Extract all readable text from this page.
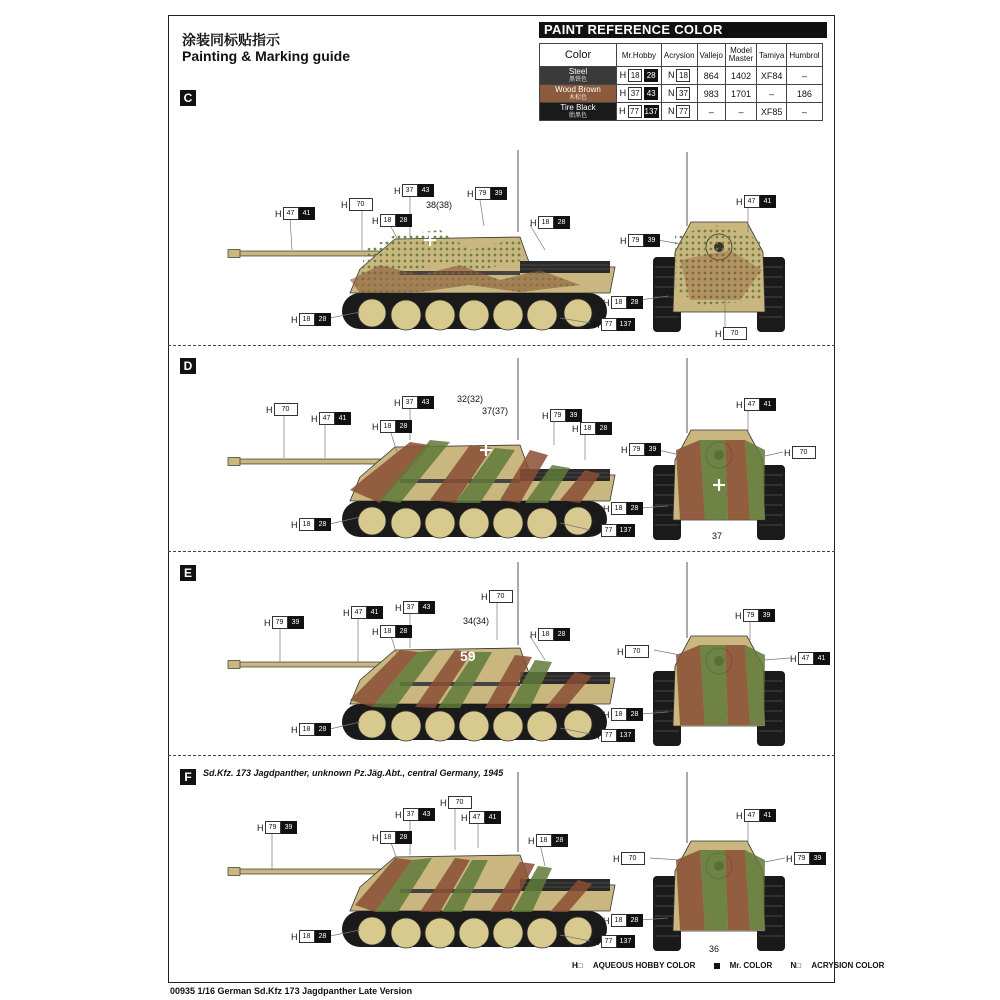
涂装同标贴指示
Painting & Marking guide
PAINT REFERENCE COLOR
Color	Mr.Hobby	Acrysion	Vallejo	Model Master	Tamiya	Humbrol
Steel
黑铁色	H 18 28	N 18	864	1402	XF84	–
Wood Brown
木棕色	H 37 43	N 37	983	1701	–	186
Tire Black
胎黑色	H 77 137	N 77	–	–	XF85	–
C
D
E
F	Sd.Kfz. 173 Jagdpanther, unknown Pz.Jäg.Abt., central Germany, 1945
38(38)
32(32)
37(37)
37
34(34)
59
36
H 47	41
H	70
H 37	43
H 18	28
H 79	39
H 18	28
H 18	28	H 77	137
H 47	41
H 79	39
H 18	28
H	70
H	70
H 47	41
H 37	43
H 18	28
H 79	39
H 18	28
H 18	28
H 77	137
H 47	41
H 79	39	H	70
H 18	28
H 79	39
H 47	41	H 37	43
H 18	28
H	70
H 18	28
H 18	28
H 77	137
H 79	39
H	70
H 47	41
H 18	28
H 79	39
H 37	43
H	70
H 18	28
H 47	41
H 18	28
H 18	28	H 77	137
H 47	41
H	70	H 79	39
H 18	28
H□ AQUEOUS HOBBY COLOR	Mr. COLOR N□ ACRYSION COLOR
00935 1/16 German Sd.Kfz 173 Jagdpanther Late Version
